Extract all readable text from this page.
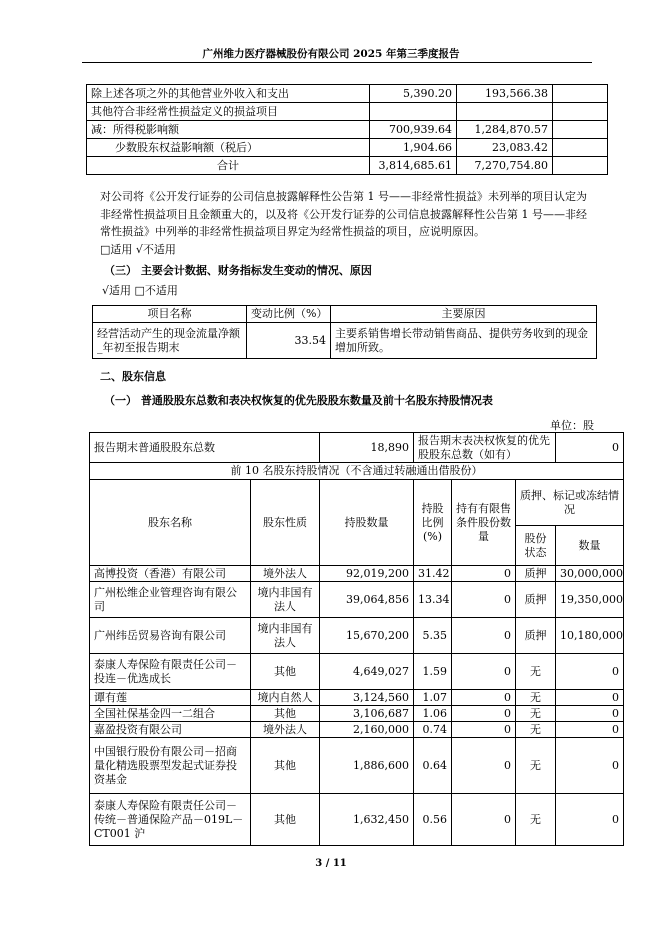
广州维力医疗器械股份有限公司 2025 年第三季度报告
除上述各项之外的其他营业外收入和支出	5,390.20	193,566.38	
其他符合非经常性损益定义的损益项目			
减：所得税影响额	700,939.64	1,284,870.57	
少数股东权益影响额（税后）	1,904.66	23,083.42	
合计	3,814,685.61	7,270,754.80	

对公司将《公开发行证券的公司信息披露解释性公告第 1 号——非经常性损益》未列举的项目认定为非经常性损益项目且金额重大的，以及将《公开发行证券的公司信息披露解释性公告第 1 号——非经常性损益》中列举的非经常性损益项目界定为经常性损益的项目，应说明原因。

□适用 √不适用

（三） 主要会计数据、财务指标发生变动的情况、原因
√适用 □不适用
项目名称	变动比例（%）	主要原因
经营活动产生的现金流量净额_年初至报告期末	33.54	主要系销售增长带动销售商品、提供劳务收到的现金增加所致。
二、股东信息
（一） 普通股股东总数和表决权恢复的优先股股东数量及前十名股东持股情况表
单位：股
报告期末普通股股东总数		18,890	报告期末表决权恢复的优先股股东总数（如有）			0
前 10 名股东持股情况（不含通过转融通出借股份）						
股东名称	股东性质	持股数量	持股比例(%)	持有有限售条件股份数量	质押、标记或冻结情况	
					股份状态	数量
高博投资（香港）有限公司	境外法人	92,019,200	31.42	0	质押	30,000,000
广州松维企业管理咨询有限公司	境内非国有法人	39,064,856	13.34	0	质押	19,350,000
广州纬岳贸易咨询有限公司	境内非国有法人	15,670,200	5.35	0	质押	10,180,000
泰康人寿保险有限责任公司－投连－优选成长	其他	4,649,027	1.59	0	无	0
谭有莲	境内自然人	3,124,560	1.07	0	无	0
全国社保基金四一二组合	其他	3,106,687	1.06	0	无	0
嘉盈投资有限公司	境外法人	2,160,000	0.74	0	无	0
中国银行股份有限公司－招商量化精选股票型发起式证券投资基金	其他	1,886,600	0.64	0	无	0
泰康人寿保险有限责任公司－传统－普通保险产品－019L－CT001 沪	其他	1,632,450	0.56	0	无	0
3 / 11
